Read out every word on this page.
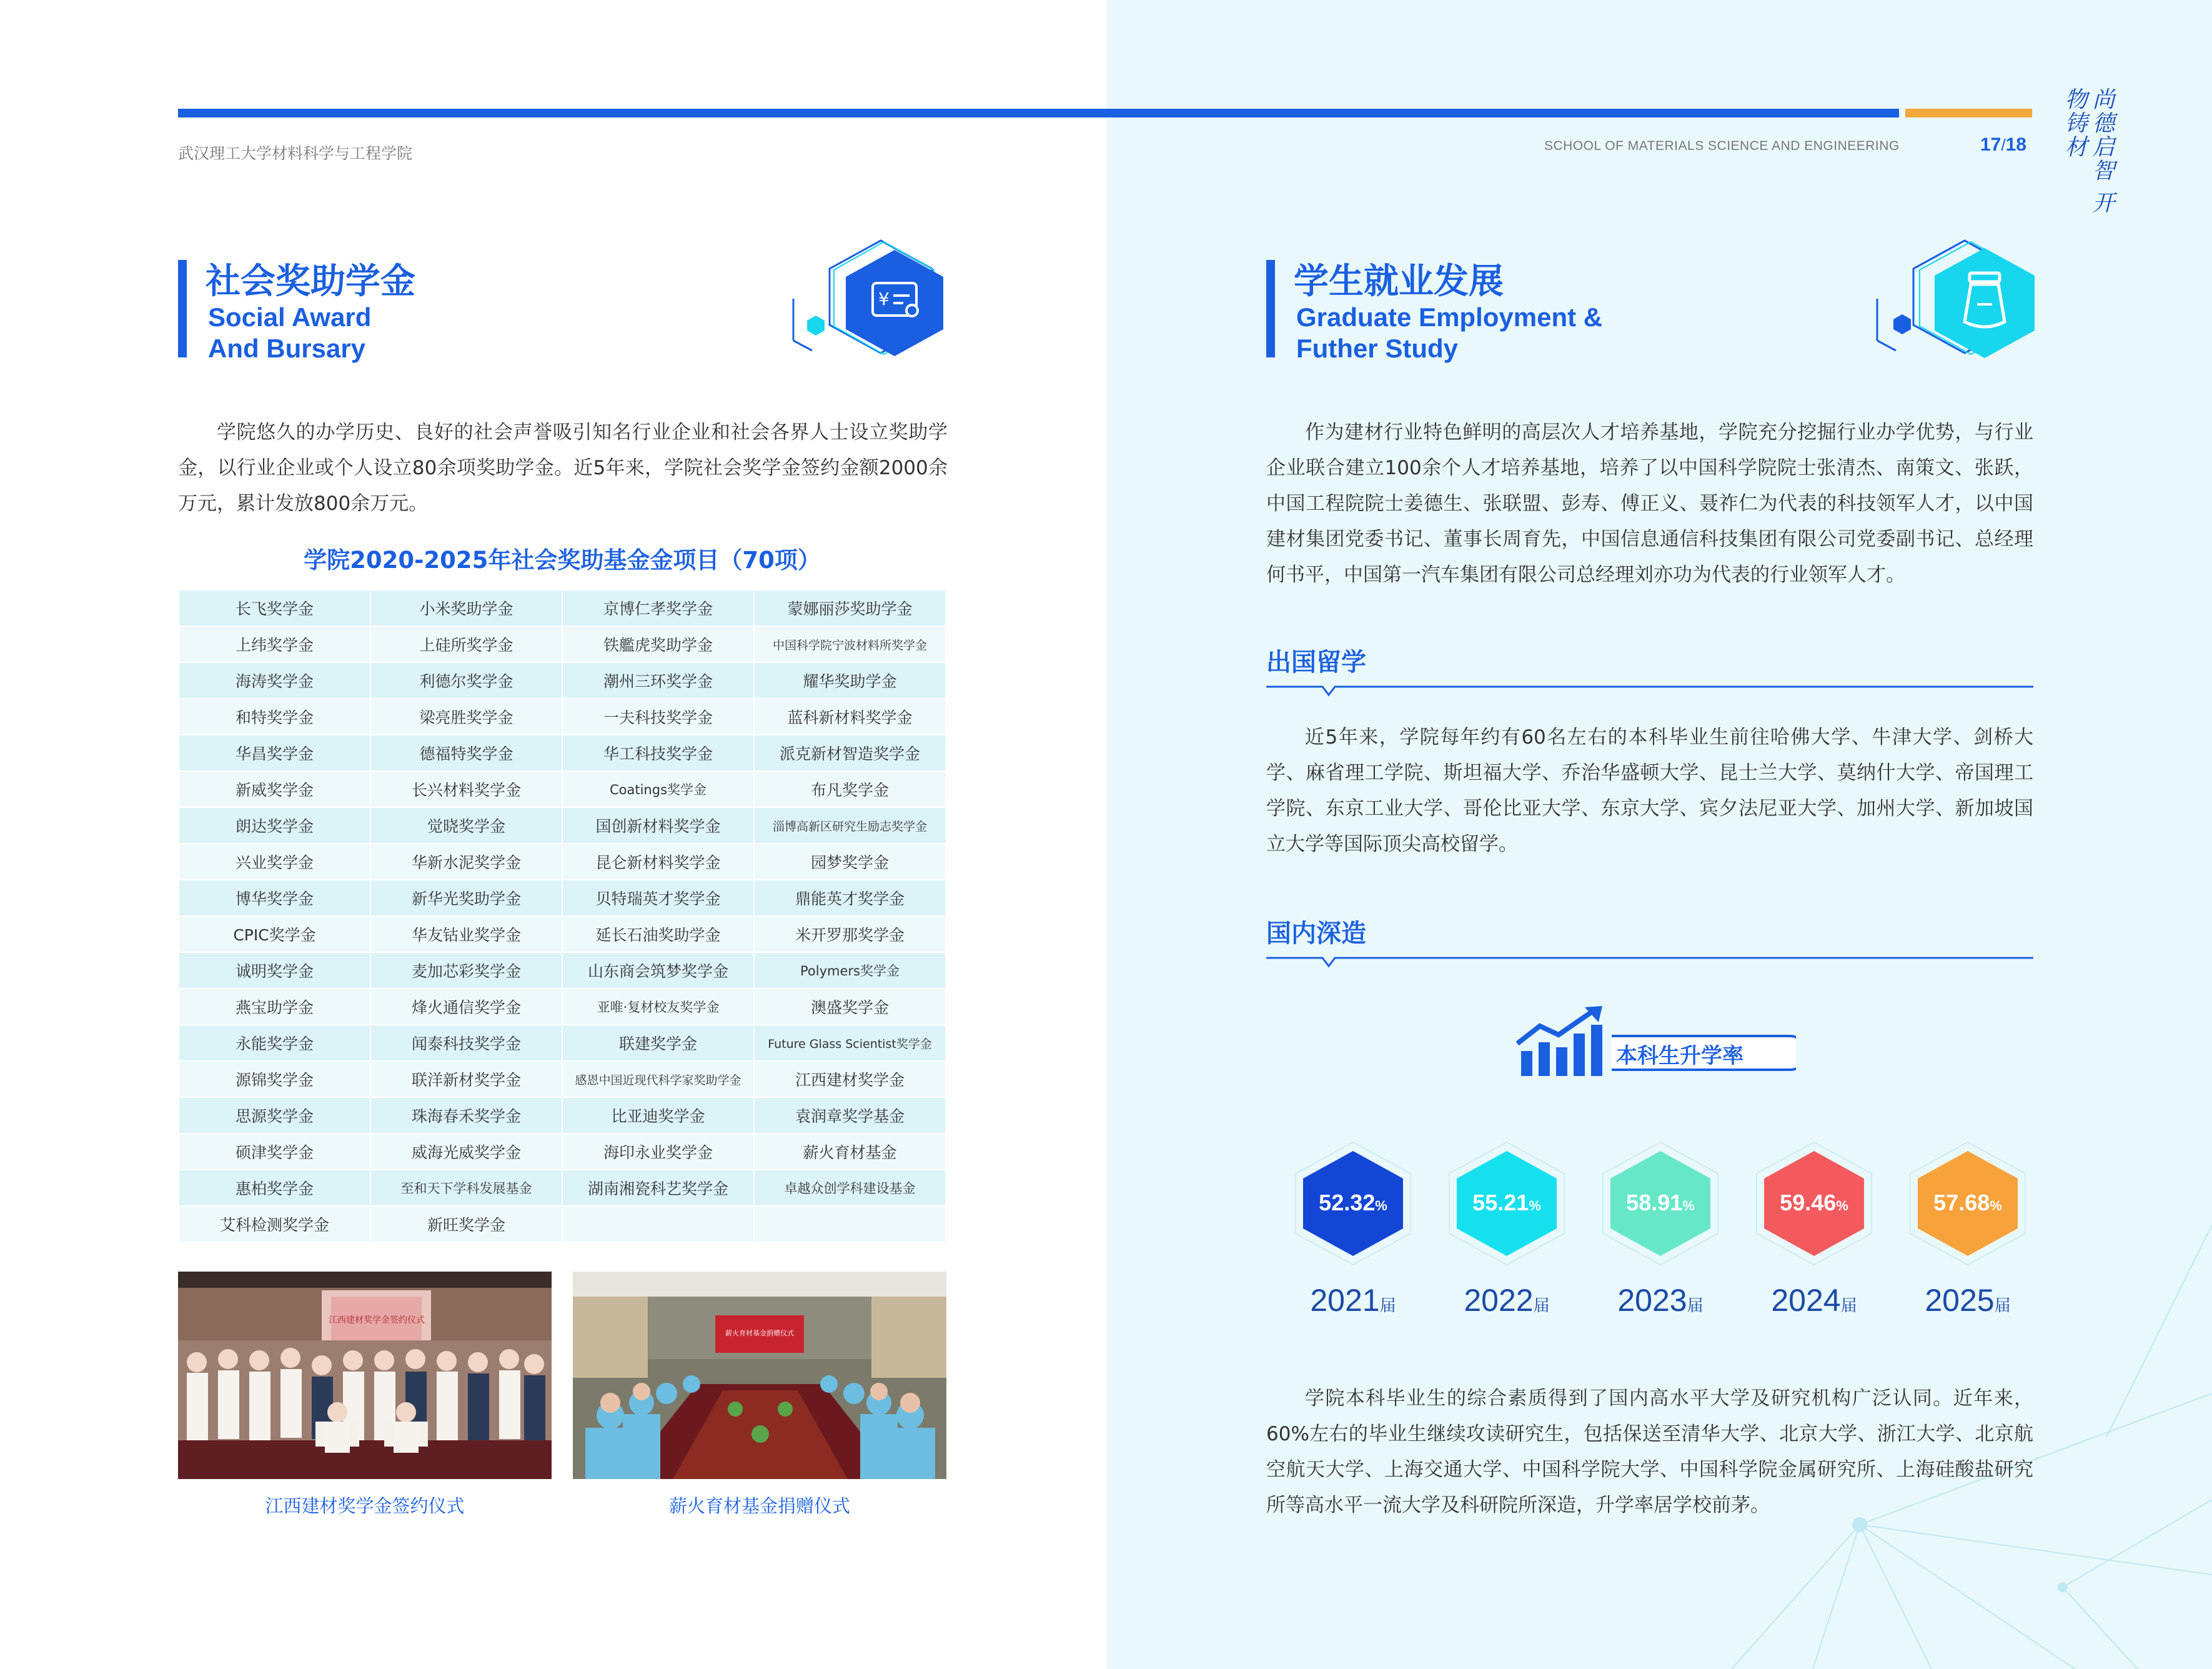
武汉理工大学材料科学与工程学院	SCHOOL OF MATERIALS SCIENCE AND ENGINEERING	17/18	尚德启智 开物铸材
社会奖助学金
Social Award
And Bursary
¥
学院悠久的办学历史、良好的社会声誉吸引知名行业企业和社会各界人士设立奖助学金，以行业企业或个人设立80余项奖助学金。近5年来，学院社会奖学金签约金额2000余万元，累计发放800余万元。
学院2020-2025年社会奖助基金金项目（70项）
长飞奖学金	小米奖助学金	京博仁孝奖学金	蒙娜丽莎奖助学金
上纬奖学金	上硅所奖学金	铁艦虎奖助学金	中国科学院宁波材料所奖学金
海涛奖学金	利德尔奖学金	潮州三环奖学金	耀华奖助学金
和特奖学金	梁亮胜奖学金	一夫科技奖学金	蓝科新材料奖学金
华昌奖学金	德福特奖学金	华工科技奖学金	派克新材智造奖学金
新威奖学金	长兴材料奖学金	Coatings奖学金	布凡奖学金
朗达奖学金	觉晓奖学金	国创新材料奖学金	淄博高新区研究生励志奖学金
兴业奖学金	华新水泥奖学金	昆仑新材料奖学金	园梦奖学金
博华奖学金	新华光奖助学金	贝特瑞英才奖学金	鼎能英才奖学金
CPIC奖学金	华友钴业奖学金	延长石油奖助学金	米开罗那奖学金
诚明奖学金	麦加芯彩奖学金	山东商会筑梦奖学金	Polymers奖学金
燕宝助学金	烽火通信奖学金	亚唯·复材校友奖学金	澳盛奖学金
永能奖学金	闻泰科技奖学金	联建奖学金	Future Glass Scientist奖学金
源锦奖学金	联洋新材奖学金	感恩中国近现代科学家奖助学金	江西建材奖学金
思源奖学金	珠海春禾奖学金	比亚迪奖学金	袁润章奖学基金
硕津奖学金	威海光威奖学金	海印永业奖学金	薪火育材基金
惠柏奖学金	至和天下学科发展基金	湖南湘瓷科艺奖学金	卓越众创学科建设基金
艾科检测奖学金	新旺奖学金		
江西建材奖学金签约仪式
薪火育材基金捐赠仪式
江西建材奖学金签约仪式	薪火育材基金捐赠仪式
学生就业发展
Graduate Employment &
Futher Study
作为建材行业特色鲜明的高层次人才培养基地，学院充分挖掘行业办学优势，与行业企业联合建立100余个人才培养基地，培养了以中国科学院院士张清杰、南策文、张跃，中国工程院院士姜德生、张联盟、彭寿、傅正义、聂祚仁为代表的科技领军人才，以中国建材集团党委书记、董事长周育先，中国信息通信科技集团有限公司党委副书记、总经理何书平，中国第一汽车集团有限公司总经理刘亦功为代表的行业领军人才。
出国留学
近5年来，学院每年约有60名左右的本科毕业生前往哈佛大学、牛津大学、剑桥大学、麻省理工学院、斯坦福大学、乔治华盛顿大学、昆士兰大学、莫纳什大学、帝国理工学院、东京工业大学、哥伦比亚大学、东京大学、宾夕法尼亚大学、加州大学、新加坡国立大学等国际顶尖高校留学。
国内深造
本科生升学率
52.32%
2021届
55.21%
2022届
58.91%
2023届
59.46%
2024届
57.68%
2025届
学院本科毕业生的综合素质得到了国内高水平大学及研究机构广泛认同。近年来，60%左右的毕业生继续攻读研究生，包括保送至清华大学、北京大学、浙江大学、北京航空航天大学、上海交通大学、中国科学院大学、中国科学院金属研究所、上海硅酸盐研究所等高水平一流大学及科研院所深造，升学率居学校前茅。
